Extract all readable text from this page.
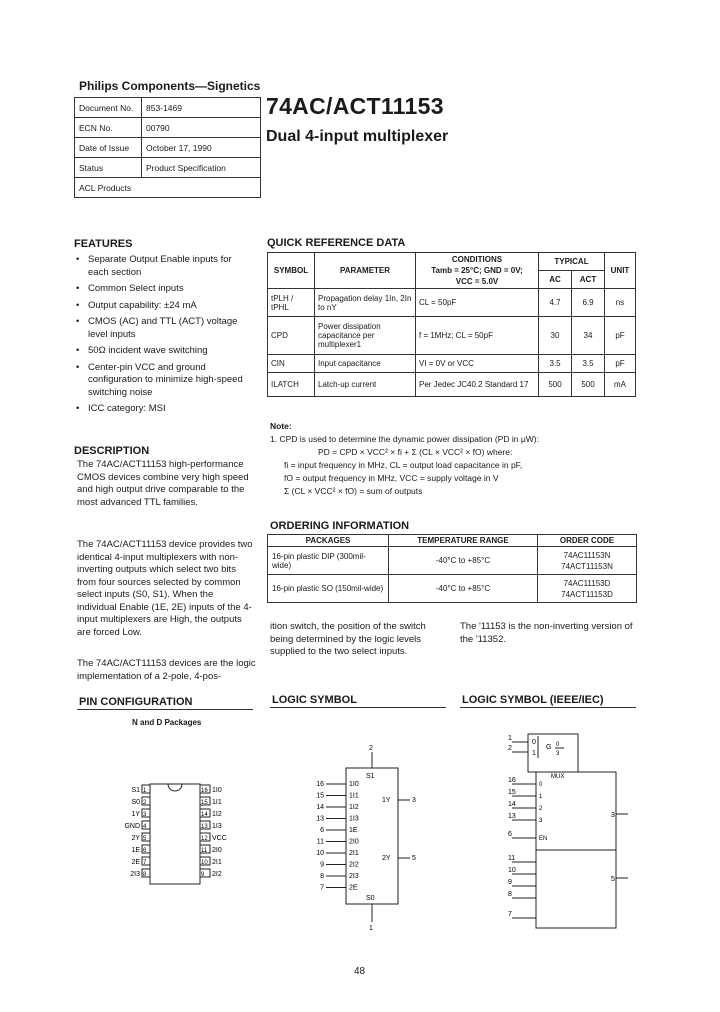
Philips Components—Signetics
74AC/ACT11153
Dual 4-input multiplexer
Document No.	853-1469
ECN No.	00790
Date of Issue	October 17, 1990
Status	Product Specification
ACL Products	
FEATURES
• Separate Output Enable inputs for each section
• Common Select inputs
• Output capability: ±24 mA
• CMOS (AC) and TTL (ACT) voltage level inputs
• 50Ω incident wave switching
• Center-pin VCC and ground configuration to minimize high-speed switching noise
• ICC category: MSI
DESCRIPTION
The 74AC/ACT11153 high-performance CMOS devices combine very high speed and high output drive comparable to the most advanced TTL families.
The 74AC/ACT11153 device provides two identical 4-input multiplexers with non-inverting outputs which select two bits from four sources selected by common select inputs (S0, S1). When the individual Enable (1E, 2E) inputs of the 4-input multiplexers are High, the outputs are forced Low.
The 74AC/ACT11153 devices are the logic implementation of a 2-pole, 4-pos-
ition switch, the position of the switch being determined by the logic levels supplied to the two select inputs.
The '11153 is the non-inverting version of the '11352.
QUICK REFERENCE DATA
SYMBOL	PARAMETER	CONDITIONS
Tamb = 25°C; GND = 0V;
VCC = 5.0V	TYPICAL		UNIT
			AC	ACT	
tPLH / tPHL	Propagation delay 1In, 2In to nY	CL = 50pF	4.7	6.9	ns
CPD	Power dissipation capacitance per multiplexer1	f = 1MHz; CL = 50pF	30	34	pF
CIN	Input capacitance	VI = 0V or VCC	3.5	3.5	pF
ILATCH	Latch-up current	Per Jedec JC40.2 Standard 17	500	500	mA
Note:
1. CPD is used to determine the dynamic power dissipation (PD in μW):
PD = CPD × VCC² × fi + Σ (CL × VCC² × fO) where:
fi = input frequency in MHz, CL = output load capacitance in pF,
fO = output frequency in MHz, VCC = supply voltage in V
Σ (CL × VCC² × fO) = sum of outputs
ORDERING INFORMATION
PACKAGES	TEMPERATURE RANGE	ORDER CODE
16-pin plastic DIP (300mil-wide)	-40°C to +85°C	74AC11153N
74ACT11153N

16-pin plastic SO (150mil-wide)	-40°C to +85°C	74AC11153D
74ACT11153D
PIN CONFIGURATION
N and D Packages
1
S1
2
S0
3
1Y
4
GND
5
2Y
6
1E
7
2E
8
2I3
16 1I0
15 1I1
14 1I2
13 1I3
12 VCC
11 2I0
10 2I1
9 2I2
LOGIC SYMBOL
2
S1
S0
1
16	1I0
15	1I1
14	1I2
13	1I3
6	1E
11	2I0
10	2I1
9	2I2
8	2I3
7	2E
1Y	3
2Y	5
LOGIC SYMBOL (IEEE/IEC)
1
2
0
1
G 0
3
MUX
16
0
15
1
14
2
13
3
6
EN
11
10
9
8
7
3
5
48
